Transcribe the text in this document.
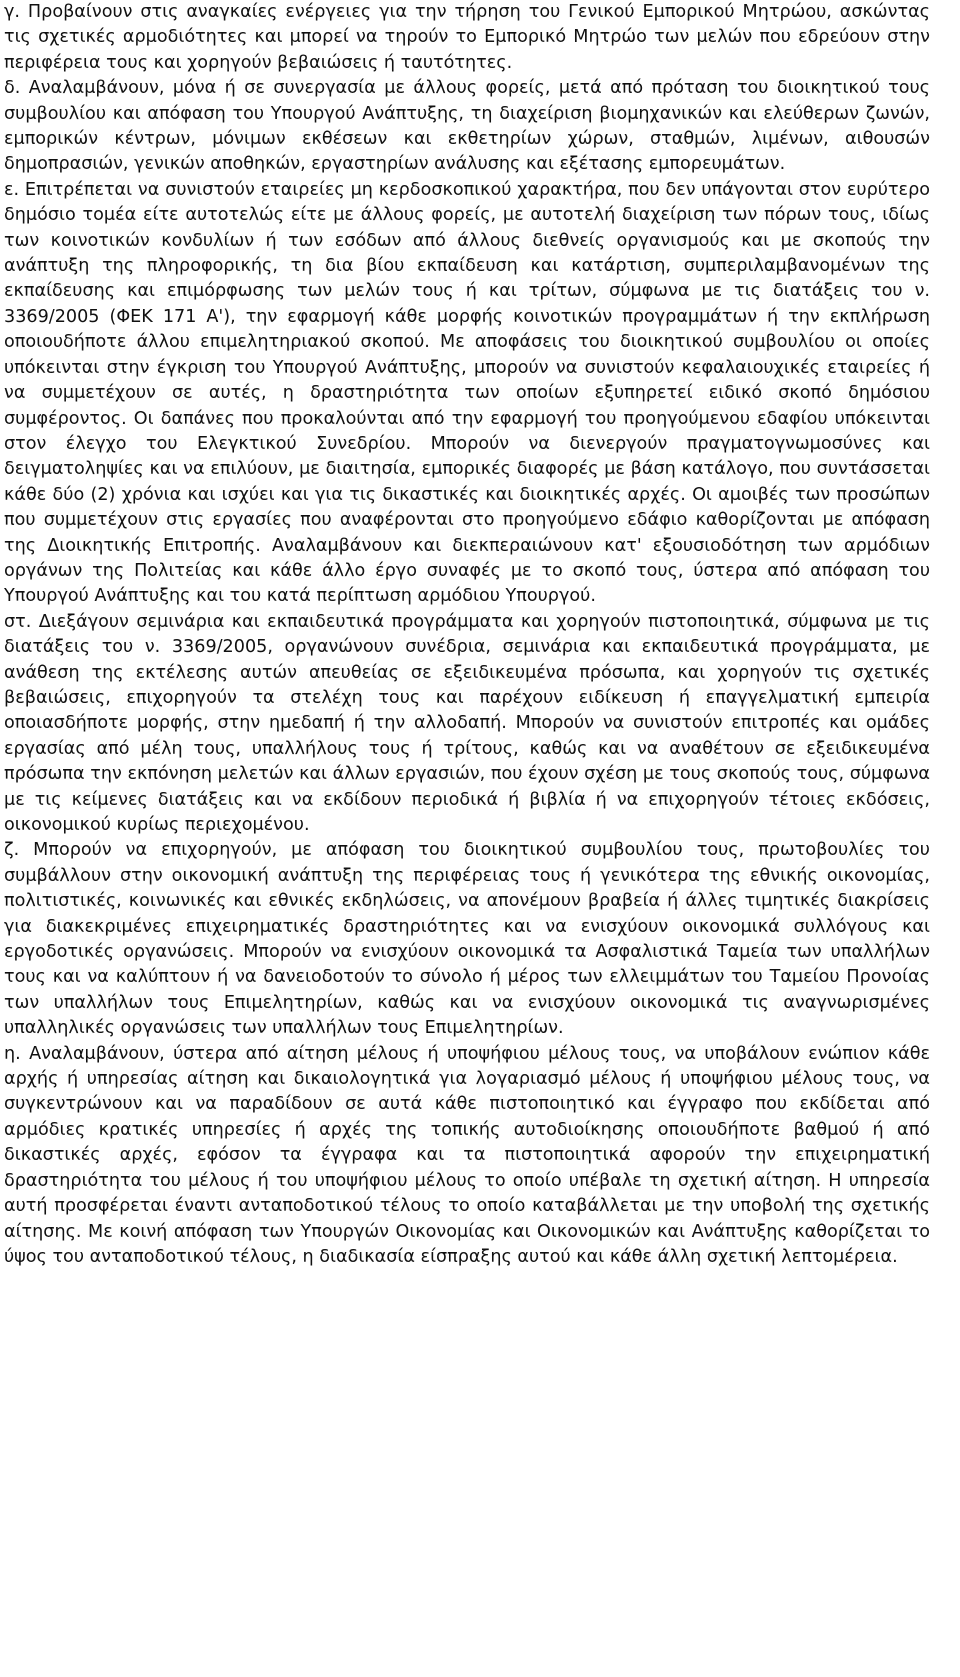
γ. Προβαίνουν στις αναγκαίες ενέργειες για την τήρηση του Γενικού Εμπορικού Μητρώου, ασκώντας τις σχετικές αρμοδιότητες και μπορεί να τηρούν το Εμπορικό Μητρώο των μελών που εδρεύουν στην περιφέρεια τους και χορηγούν βεβαιώσεις ή ταυτότητες.

δ. Αναλαμβάνουν, μόνα ή σε συνεργασία με άλλους φορείς, μετά από πρόταση του διοικητικού τους συμβουλίου και απόφαση του Υπουργού Ανάπτυξης, τη διαχείριση βιομηχανικών και ελεύθερων ζωνών, εμπορικών κέντρων, μόνιμων εκθέσεων και εκθετηρίων χώρων, σταθμών, λιμένων, αιθουσών δημοπρασιών, γενικών αποθηκών, εργαστηρίων ανάλυσης και εξέτασης εμπορευμάτων.

ε. Επιτρέπεται να συνιστούν εταιρείες μη κερδοσκοπικού χαρακτήρα, που δεν υπάγονται στον ευρύτερο δημόσιο τομέα είτε αυτοτελώς είτε με άλλους φορείς, με αυτοτελή διαχείριση των πόρων τους, ιδίως των κοινοτικών κονδυλίων ή των εσόδων από άλλους διεθνείς οργανισμούς και με σκοπούς την ανάπτυξη της πληροφορικής, τη δια βίου εκπαίδευση και κατάρτιση, συμπεριλαμβανομένων της εκπαίδευσης και επιμόρφωσης των μελών τους ή και τρίτων, σύμφωνα με τις διατάξεις του ν. 3369/2005 (ΦΕΚ 171 Α'), την εφαρμογή κάθε μορφής κοινοτικών προγραμμάτων ή την εκπλήρωση οποιουδήποτε άλλου επιμελητηριακού σκοπού. Με αποφάσεις του διοικητικού συμβουλίου οι οποίες υπόκεινται στην έγκριση του Υπουργού Ανάπτυξης, μπορούν να συνιστούν κεφαλαιουχικές εταιρείες ή να συμμετέχουν σε αυτές, η δραστηριότητα των οποίων εξυπηρετεί ειδικό σκοπό δημόσιου συμφέροντος. Οι δαπάνες που προκαλούνται από την εφαρμογή του προηγούμενου εδαφίου υπόκεινται στον έλεγχο του Ελεγκτικού Συνεδρίου. Μπορούν να διενεργούν πραγματογνωμοσύνες και δειγματοληψίες και να επιλύουν, με διαιτησία, εμπορικές διαφορές με βάση κατάλογο, που συντάσσεται κάθε δύο (2) χρόνια και ισχύει και για τις δικαστικές και διοικητικές αρχές. Οι αμοιβές των προσώπων που συμμετέχουν στις εργασίες που αναφέρονται στο προηγούμενο εδάφιο καθορίζονται με απόφαση της Διοικητικής Επιτροπής. Αναλαμβάνουν και διεκπεραιώνουν κατ' εξουσιοδότηση των αρμόδιων οργάνων της Πολιτείας και κάθε άλλο έργο συναφές με το σκοπό τους, ύστερα από απόφαση του Υπουργού Ανάπτυξης και του κατά περίπτωση αρμόδιου Υπουργού.

στ. Διεξάγουν σεμινάρια και εκπαιδευτικά προγράμματα και χορηγούν πιστοποιητικά, σύμφωνα με τις διατάξεις του ν. 3369/2005, οργανώνουν συνέδρια, σεμινάρια και εκπαιδευτικά προγράμματα, με ανάθεση της εκτέλεσης αυτών απευθείας σε εξειδικευμένα πρόσωπα, και χορηγούν τις σχετικές βεβαιώσεις, επιχορηγούν τα στελέχη τους και παρέχουν ειδίκευση ή επαγγελματική εμπειρία οποιασδήποτε μορφής, στην ημεδαπή ή την αλλοδαπή. Μπορούν να συνιστούν επιτροπές και ομάδες εργασίας από μέλη τους, υπαλλήλους τους ή τρίτους, καθώς και να αναθέτουν σε εξειδικευμένα πρόσωπα την εκπόνηση μελετών και άλλων εργασιών, που έχουν σχέση με τους σκοπούς τους, σύμφωνα με τις κείμενες διατάξεις και να εκδίδουν περιοδικά ή βιβλία ή να επιχορηγούν τέτοιες εκδόσεις, οικονομικού κυρίως περιεχομένου.

ζ. Μπορούν να επιχορηγούν, με απόφαση του διοικητικού συμβουλίου τους, πρωτοβουλίες του συμβάλλουν στην οικονομική ανάπτυξη της περιφέρειας τους ή γενικότερα της εθνικής οικονομίας, πολιτιστικές, κοινωνικές και εθνικές εκδηλώσεις, να απονέμουν βραβεία ή άλλες τιμητικές διακρίσεις για διακεκριμένες επιχειρηματικές δραστηριότητες και να ενισχύουν οικονομικά συλλόγους και εργοδοτικές οργανώσεις. Μπορούν να ενισχύουν οικονομικά τα Ασφαλιστικά Ταμεία των υπαλλήλων τους και να καλύπτουν ή να δανειοδοτούν το σύνολο ή μέρος των ελλειμμάτων του Ταμείου Προνοίας των υπαλλήλων τους Επιμελητηρίων, καθώς και να ενισχύουν οικονομικά τις αναγνωρισμένες υπαλληλικές οργανώσεις των υπαλλήλων τους Επιμελητηρίων.

η. Αναλαμβάνουν, ύστερα από αίτηση μέλους ή υποψήφιου μέλους τους, να υποβάλουν ενώπιον κάθε αρχής ή υπηρεσίας αίτηση και δικαιολογητικά για λογαριασμό μέλους ή υποψήφιου μέλους τους, να συγκεντρώνουν και να παραδίδουν σε αυτά κάθε πιστοποιητικό και έγγραφο που εκδίδεται από αρμόδιες κρατικές υπηρεσίες ή αρχές της τοπικής αυτοδιοίκησης οποιουδήποτε βαθμού ή από δικαστικές αρχές, εφόσον τα έγγραφα και τα πιστοποιητικά αφορούν την επιχειρηματική δραστηριότητα του μέλους ή του υποψήφιου μέλους το οποίο υπέβαλε τη σχετική αίτηση. Η υπηρεσία αυτή προσφέρεται έναντι ανταποδοτικού τέλους το οποίο καταβάλλεται με την υποβολή της σχετικής αίτησης. Με κοινή απόφαση των Υπουργών Οικονομίας και Οικονομικών και Ανάπτυξης καθορίζεται το ύψος του ανταποδοτικού τέλους, η διαδικασία είσπραξης αυτού και κάθε άλλη σχετική λεπτομέρεια.
